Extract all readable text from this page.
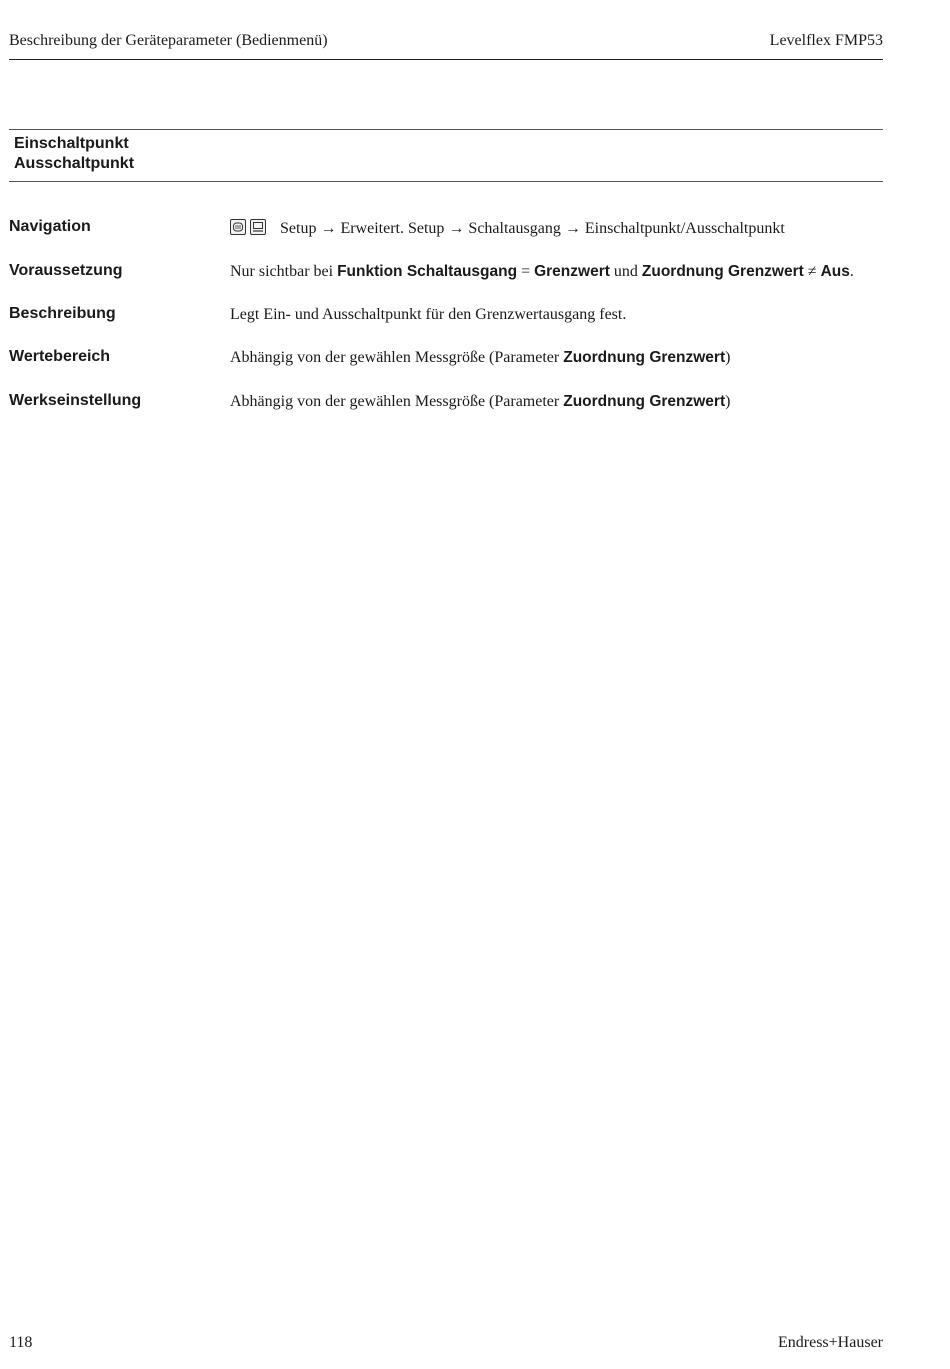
Beschreibung der Geräteparameter (Bedienmenü)	Levelflex FMP53
Einschaltpunkt
Ausschaltpunkt
Navigation	Setup → Erweitert. Setup → Schaltausgang → Einschaltpunkt/Ausschaltpunkt
Voraussetzung	Nur sichtbar bei Funktion Schaltausgang = Grenzwert und Zuordnung Grenzwert ≠ Aus.
Beschreibung	Legt Ein- und Ausschaltpunkt für den Grenzwertausgang fest.
Wertebereich	Abhängig von der gewählen Messgröße (Parameter Zuordnung Grenzwert)
Werkseinstellung	Abhängig von der gewählen Messgröße (Parameter Zuordnung Grenzwert)
118	Endress+Hauser
